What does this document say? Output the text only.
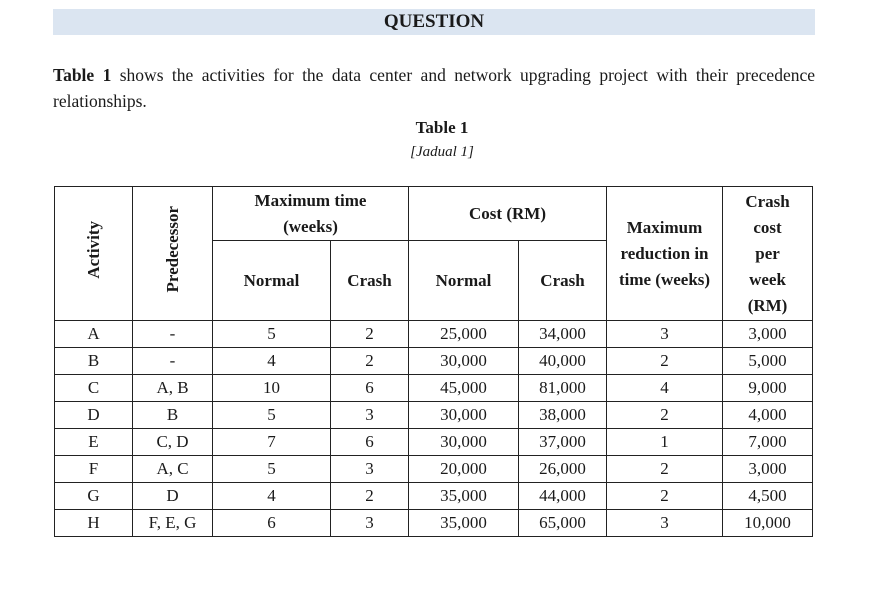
QUESTION
Table 1 shows the activities for the data center and network upgrading project with their precedence relationships.
Table 1
[Jadual 1]
Activity	Predecessor	Maximum time (weeks)		Cost (RM)		Maximum reduction in time (weeks)	Crash cost per week (RM)
		Normal	Crash	Normal	Crash		
A	-	5	2	25,000	34,000	3	3,000
B	-	4	2	30,000	40,000	2	5,000
C	A, B	10	6	45,000	81,000	4	9,000
D	B	5	3	30,000	38,000	2	4,000
E	C, D	7	6	30,000	37,000	1	7,000
F	A, C	5	3	20,000	26,000	2	3,000
G	D	4	2	35,000	44,000	2	4,500
H	F, E, G	6	3	35,000	65,000	3	10,000
